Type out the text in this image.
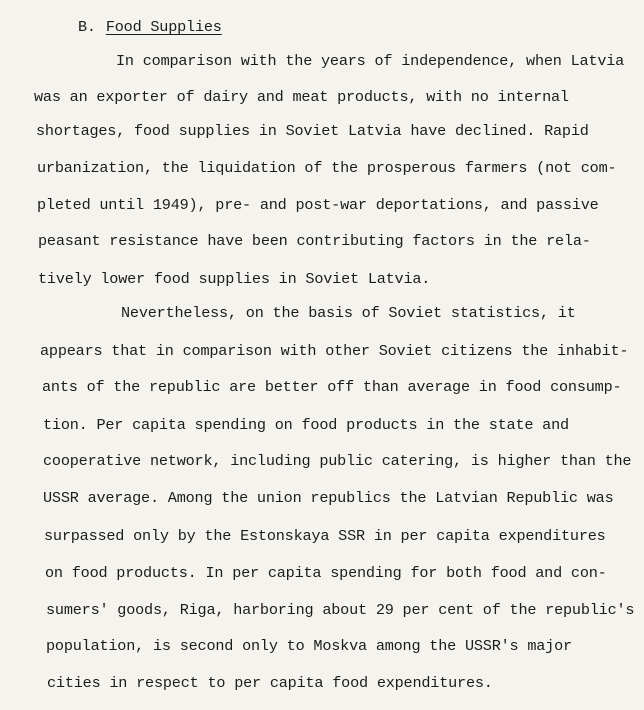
B. Food Supplies
In comparison with the years of independence, when Latvia
was an exporter of dairy and meat products, with no internal
shortages, food supplies in Soviet Latvia have declined. Rapid
urbanization, the liquidation of the prosperous farmers (not com-
pleted until 1949), pre- and post-war deportations, and passive
peasant resistance have been contributing factors in the rela-
tively lower food supplies in Soviet Latvia.
Nevertheless, on the basis of Soviet statistics, it
appears that in comparison with other Soviet citizens the inhabit-
ants of the republic are better off than average in food consump-
tion. Per capita spending on food products in the state and
cooperative network, including public catering, is higher than the
USSR average. Among the union republics the Latvian Republic was
surpassed only by the Estonskaya SSR in per capita expenditures
on food products. In per capita spending for both food and con-
sumers' goods, Riga, harboring about 29 per cent of the republic's
population, is second only to Moskva among the USSR's major
cities in respect to per capita food expenditures.
